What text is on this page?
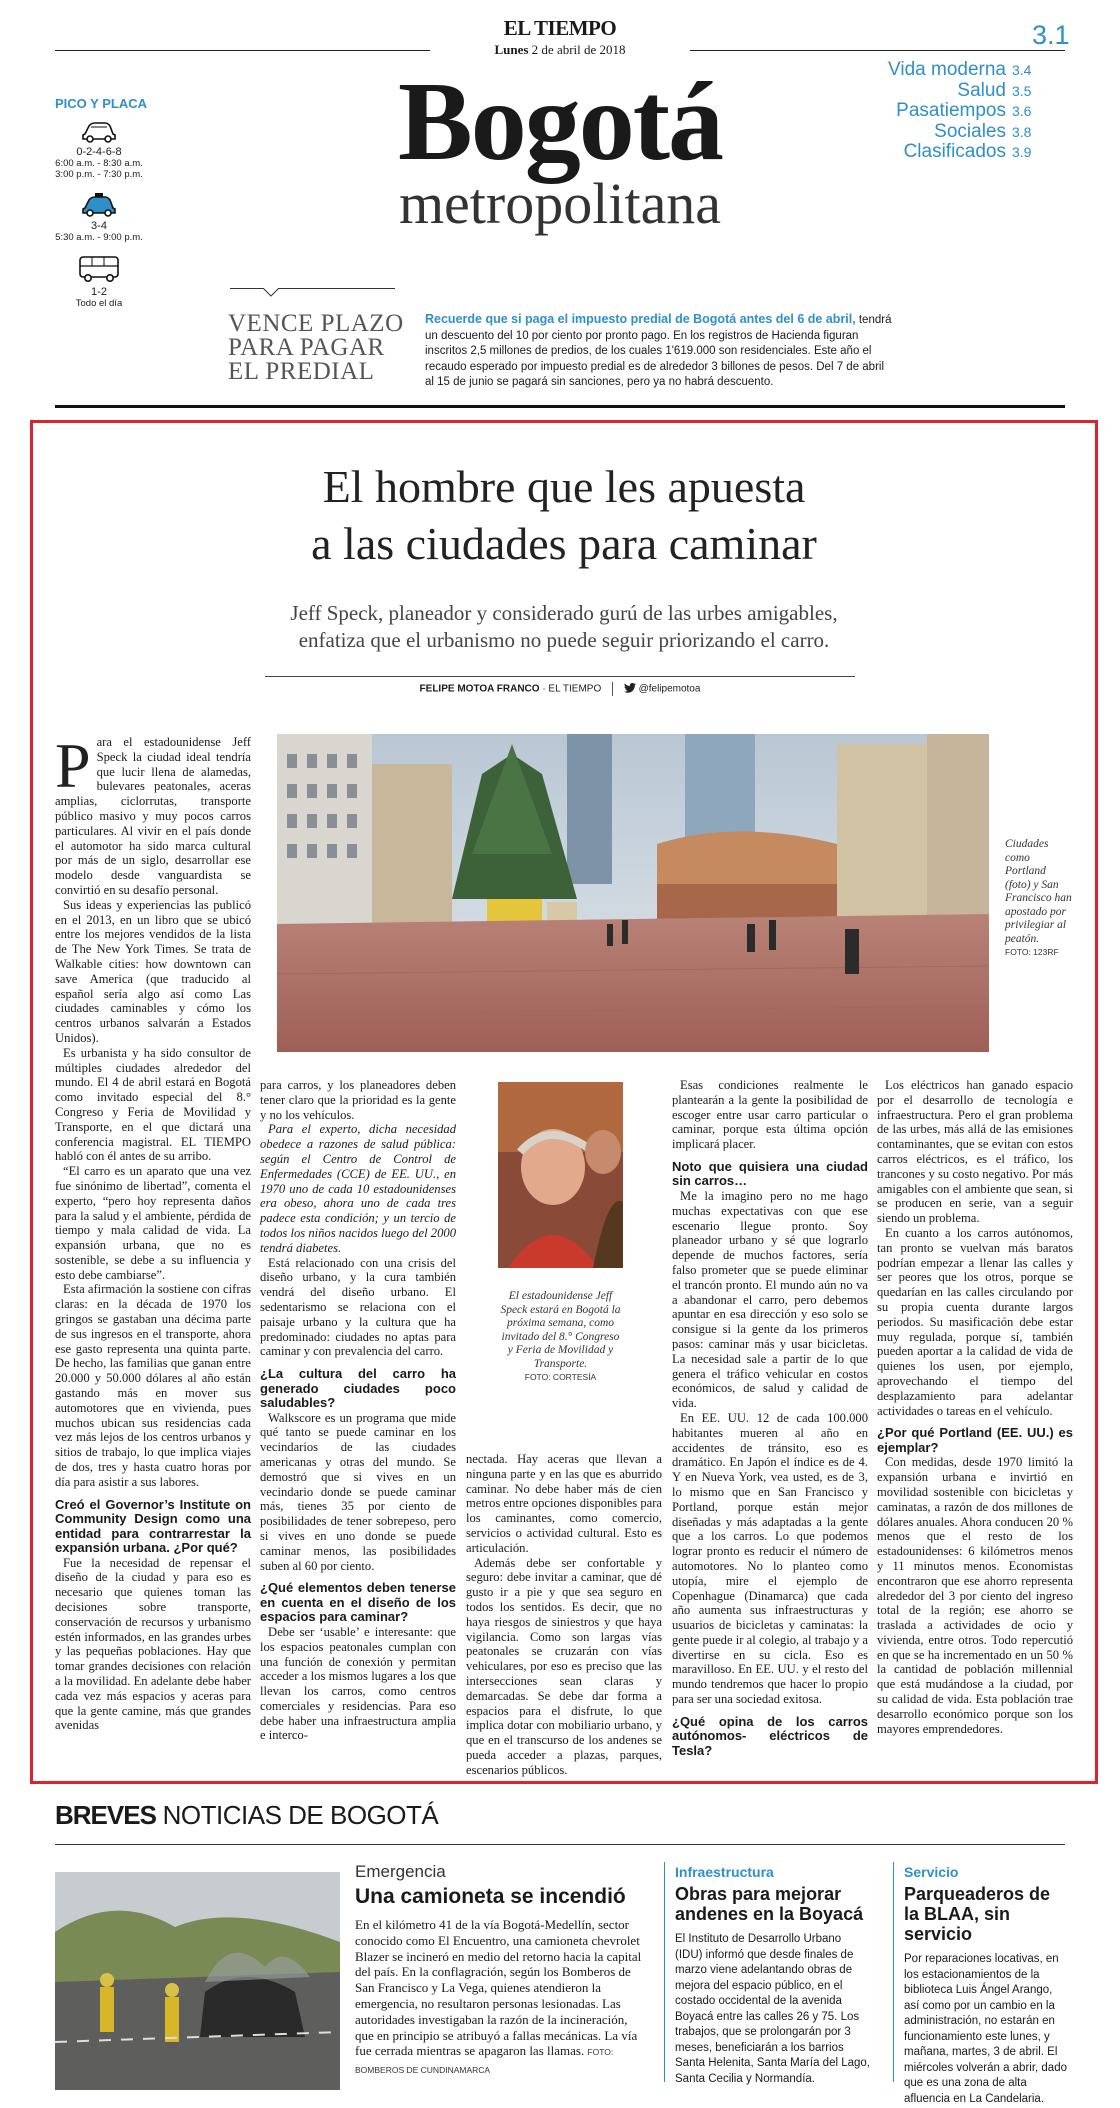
EL TIEMPO
Lunes 2 de abril de 2018	3.1
Bogotá
metropolitana
Vida moderna 3.4
Salud 3.5
Pasatiempos 3.6
Sociales 3.8
Clasificados 3.9
PICO Y PLACA
0-2-4-6-8
6:00 a.m. - 8:30 a.m.
3:00 p.m. - 7:30 p.m.
3-4
5:30 a.m. - 9:00 p.m.
1-2
Todo el día
VENCE PLAZO
PARA PAGAR
EL PREDIAL
Recuerde que si paga el impuesto predial de Bogotá antes del 6 de abril, tendrá un descuento del 10 por ciento por pronto pago. En los registros de Hacienda figuran inscritos 2,5 millones de predios, de los cuales 1'619.000 son residenciales. Este año el recaudo esperado por impuesto predial es de alrededor 3 billones de pesos. Del 7 de abril al 15 de junio se pagará sin sanciones, pero ya no habrá descuento.
El hombre que les apuesta
a las ciudades para caminar
Jeff Speck, planeador y considerado gurú de las urbes amigables,
enfatiza que el urbanismo no puede seguir priorizando el carro.
FELIPE MOTOA FRANCO · EL TIEMPO	@felipemotoa
Ciudades como Portland (foto) y San Francisco han apostado por privilegiar al peatón.
FOTO: 123RF
El estadounidense Jeff Speck estará en Bogotá la próxima semana, como invitado del 8.° Congreso y Feria de Movilidad y Transporte.
FOTO: CORTESÍA
P ara el estadounidense Jeff Speck la ciudad ideal tendría que lucir llena de alamedas, bulevares peatonales, aceras amplias, ciclorrutas, transporte público masivo y muy pocos carros particulares. Al vivir en el país donde el automotor ha sido marca cultural por más de un siglo, desarrollar ese modelo desde vanguardista se convirtió en su desafío personal.

Sus ideas y experiencias las publicó en el 2013, en un libro que se ubicó entre los mejores vendidos de la lista de The New York Times. Se trata de Walkable cities: how downtown can save America (que traducido al español sería algo así como Las ciudades caminables y cómo los centros urbanos salvarán a Estados Unidos).

Es urbanista y ha sido consultor de múltiples ciudades alrededor del mundo. El 4 de abril estará en Bogotá como invitado especial del 8.° Congreso y Feria de Movilidad y Transporte, en el que dictará una conferencia magistral. EL TIEMPO habló con él antes de su arribo.

“El carro es un aparato que una vez fue sinónimo de libertad”, comenta el experto, “pero hoy representa daños para la salud y el ambiente, pérdida de tiempo y mala calidad de vida. La expansión urbana, que no es sostenible, se debe a su influencia y esto debe cambiarse”.

Esta afirmación la sostiene con cifras claras: en la década de 1970 los gringos se gastaban una décima parte de sus ingresos en el transporte, ahora ese gasto representa una quinta parte. De hecho, las familias que ganan entre 20.000 y 50.000 dólares al año están gastando más en mover sus automotores que en vivienda, pues muchos ubican sus residencias cada vez más lejos de los centros urbanos y sitios de trabajo, lo que implica viajes de dos, tres y hasta cuatro horas por día para asistir a sus labores.

Creó el Governor’s Institute on Community Design como una entidad para contrarrestar la expansión urbana. ¿Por qué?

Fue la necesidad de repensar el diseño de la ciudad y para eso es necesario que quienes toman las decisiones sobre transporte, conservación de recursos y urbanismo estén informados, en las grandes urbes y las pequeñas poblaciones. Hay que tomar grandes decisiones con relación a la movilidad. En adelante debe haber cada vez más espacios y aceras para que la gente camine, más que grandes avenidas

para carros, y los planeadores deben tener claro que la prioridad es la gente y no los vehículos.

Para el experto, dicha necesidad obedece a razones de salud pública: según el Centro de Control de Enfermedades (CCE) de EE. UU., en 1970 uno de cada 10 estadounidenses era obeso, ahora uno de cada tres padece esta condición; y un tercio de todos los niños nacidos luego del 2000 tendrá diabetes.

Está relacionado con una crisis del diseño urbano, y la cura también vendrá del diseño urbano. El sedentarismo se relaciona con el paisaje urbano y la cultura que ha predominado: ciudades no aptas para caminar y con prevalencia del carro.

¿La cultura del carro ha generado ciudades poco saludables?

Walkscore es un programa que mide qué tanto se puede caminar en los vecindarios de las ciudades americanas y otras del mundo. Se demostró que si vives en un vecindario donde se puede caminar más, tienes 35 por ciento de posibilidades de tener sobrepeso, pero si vives en uno donde se puede caminar menos, las posibilidades suben al 60 por ciento.

¿Qué elementos deben tenerse en cuenta en el diseño de los espacios para caminar?

Debe ser ‘usable’ e interesante: que los espacios peatonales cumplan con una función de conexión y permitan acceder a los mismos lugares a los que llevan los carros, como centros comerciales y residencias. Para eso debe haber una infraestructura amplia e interco-

nectada. Hay aceras que llevan a ninguna parte y en las que es aburrido caminar. No debe haber más de cien metros entre opciones disponibles para los caminantes, como comercio, servicios o actividad cultural. Esto es articulación.

Además debe ser confortable y seguro: debe invitar a caminar, que dé gusto ir a pie y que sea seguro en todos los sentidos. Es decir, que no haya riesgos de siniestros y que haya vigilancia. Como son largas vías peatonales se cruzarán con vías vehiculares, por eso es preciso que las intersecciones sean claras y demarcadas. Se debe dar forma a espacios para el disfrute, lo que implica dotar con mobiliario urbano, y que en el transcurso de los andenes se pueda acceder a plazas, parques, escenarios públicos.

Esas condiciones realmente le plantearán a la gente la posibilidad de escoger entre usar carro particular o caminar, porque esta última opción implicará placer.

Noto que quisiera una ciudad sin carros…

Me la imagino pero no me hago muchas expectativas con que ese escenario llegue pronto. Soy planeador urbano y sé que lograrlo depende de muchos factores, sería falso prometer que se puede eliminar el trancón pronto. El mundo aún no va a abandonar el carro, pero debemos apuntar en esa dirección y eso solo se consigue si la gente da los primeros pasos: caminar más y usar bicicletas. La necesidad sale a partir de lo que genera el tráfico vehicular en costos económicos, de salud y calidad de vida.

En EE. UU. 12 de cada 100.000 habitantes mueren al año en accidentes de tránsito, eso es dramático. En Japón el índice es de 4. Y en Nueva York, vea usted, es de 3, lo mismo que en San Francisco y Portland, porque están mejor diseñadas y más adaptadas a la gente que a los carros. Lo que podemos lograr pronto es reducir el número de automotores. No lo planteo como utopía, mire el ejemplo de Copenhague (Dinamarca) que cada año aumenta sus infraestructuras y usuarios de bicicletas y caminatas: la gente puede ir al colegio, al trabajo y a divertirse en su cicla. Eso es maravilloso. En EE. UU. y el resto del mundo tendremos que hacer lo propio para ser una sociedad exitosa.

¿Qué opina de los carros autónomos- eléctricos de Tesla?

Los eléctricos han ganado espacio por el desarrollo de tecnología e infraestructura. Pero el gran problema de las urbes, más allá de las emisiones contaminantes, que se evitan con estos carros eléctricos, es el tráfico, los trancones y su costo negativo. Por más amigables con el ambiente que sean, si se producen en serie, van a seguir siendo un problema.

En cuanto a los carros autónomos, tan pronto se vuelvan más baratos podrían empezar a llenar las calles y ser peores que los otros, porque se quedarían en las calles circulando por su propia cuenta durante largos periodos. Su masificación debe estar muy regulada, porque sí, también pueden aportar a la calidad de vida de quienes los usen, por ejemplo, aprovechando el tiempo del desplazamiento para adelantar actividades o tareas en el vehículo.

¿Por qué Portland (EE. UU.) es ejemplar?

Con medidas, desde 1970 limitó la expansión urbana e invirtió en movilidad sostenible con bicicletas y caminatas, a razón de dos millones de dólares anuales. Ahora conducen 20 % menos que el resto de los estadounidenses: 6 kilómetros menos y 11 minutos menos. Economistas encontraron que ese ahorro representa alrededor del 3 por ciento del ingreso total de la región; ese ahorro se traslada a actividades de ocio y vivienda, entre otros. Todo repercutió en que se ha incrementado en un 50 % la cantidad de población millennial que está mudándose a la ciudad, por su calidad de vida. Esta población trae desarrollo económico porque son los mayores emprendedores.

BREVES NOTICIAS DE BOGOTÁ
Emergencia
Una camioneta se incendió
En el kilómetro 41 de la vía Bogotá-Medellín, sector conocido como El Encuentro, una camioneta chevrolet Blazer se incineró en medio del retorno hacia la capital del país. En la conflagración, según los Bomberos de San Francisco y La Vega, quienes atendieron la emergencia, no resultaron personas lesionadas. Las autoridades investigaban la razón de la incineración, que en principio se atribuyó a fallas mecánicas. La vía fue cerrada mientras se apagaron las llamas. FOTO: BOMBEROS DE CUNDINAMARCA
Infraestructura
Obras para mejorar andenes en la Boyacá
El Instituto de Desarrollo Urbano (IDU) informó que desde finales de marzo viene adelantando obras de mejora del espacio público, en el costado occidental de la avenida Boyacá entre las calles 26 y 75. Los trabajos, que se prolongarán por 3 meses, beneficiarán a los barrios Santa Helenita, Santa María del Lago, Santa Cecilia y Normandía.
Servicio
Parqueaderos de la BLAA, sin servicio
Por reparaciones locativas, en los estacionamientos de la biblioteca Luis Ángel Arango, así como por un cambio en la administración, no estarán en funcionamiento este lunes, y mañana, martes, 3 de abril. El miércoles volverán a abrir, dado que es una zona de alta afluencia en La Candelaria.
